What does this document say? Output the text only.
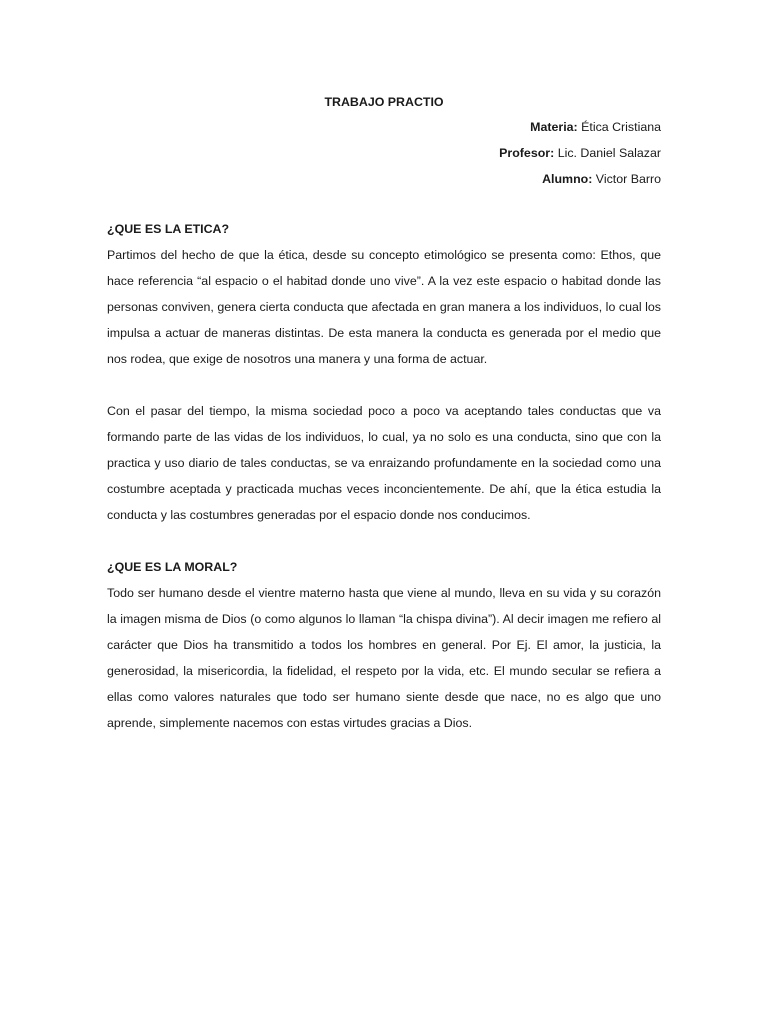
TRABAJO PRACTIO

Materia: Ética Cristiana

Profesor: Lic. Daniel Salazar

Alumno: Victor Barro

¿QUE ES LA ETICA?

Partimos del hecho de que la ética, desde su concepto etimológico se presenta como: Ethos, que hace referencia “al espacio o el habitad donde uno vive”. A la vez este espacio o habitad donde las personas conviven, genera cierta conducta que afectada en gran manera a los individuos, lo cual los impulsa a actuar de maneras distintas. De esta manera la conducta es generada por el medio que nos rodea, que exige de nosotros una manera y una forma de actuar.

Con el pasar del tiempo, la misma sociedad poco a poco va aceptando tales conductas que va formando parte de las vidas de los individuos, lo cual, ya no solo es una conducta, sino que con la practica y uso diario de tales conductas, se va enraizando profundamente en la sociedad como una costumbre aceptada y practicada muchas veces inconcientemente. De ahí, que la ética estudia la conducta y las costumbres generadas por el espacio donde nos conducimos.

¿QUE ES LA MORAL?

Todo ser humano desde el vientre materno hasta que viene al mundo, lleva en su vida y su corazón la imagen misma de Dios (o como algunos lo llaman “la chispa divina”). Al decir imagen me refiero al carácter que Dios ha transmitido a todos los hombres en general. Por Ej. El amor, la justicia, la generosidad, la misericordia, la fidelidad, el respeto por la vida, etc. El mundo secular se refiera a ellas como valores naturales que todo ser humano siente desde que nace, no es algo que uno aprende, simplemente nacemos con estas virtudes gracias a Dios.
